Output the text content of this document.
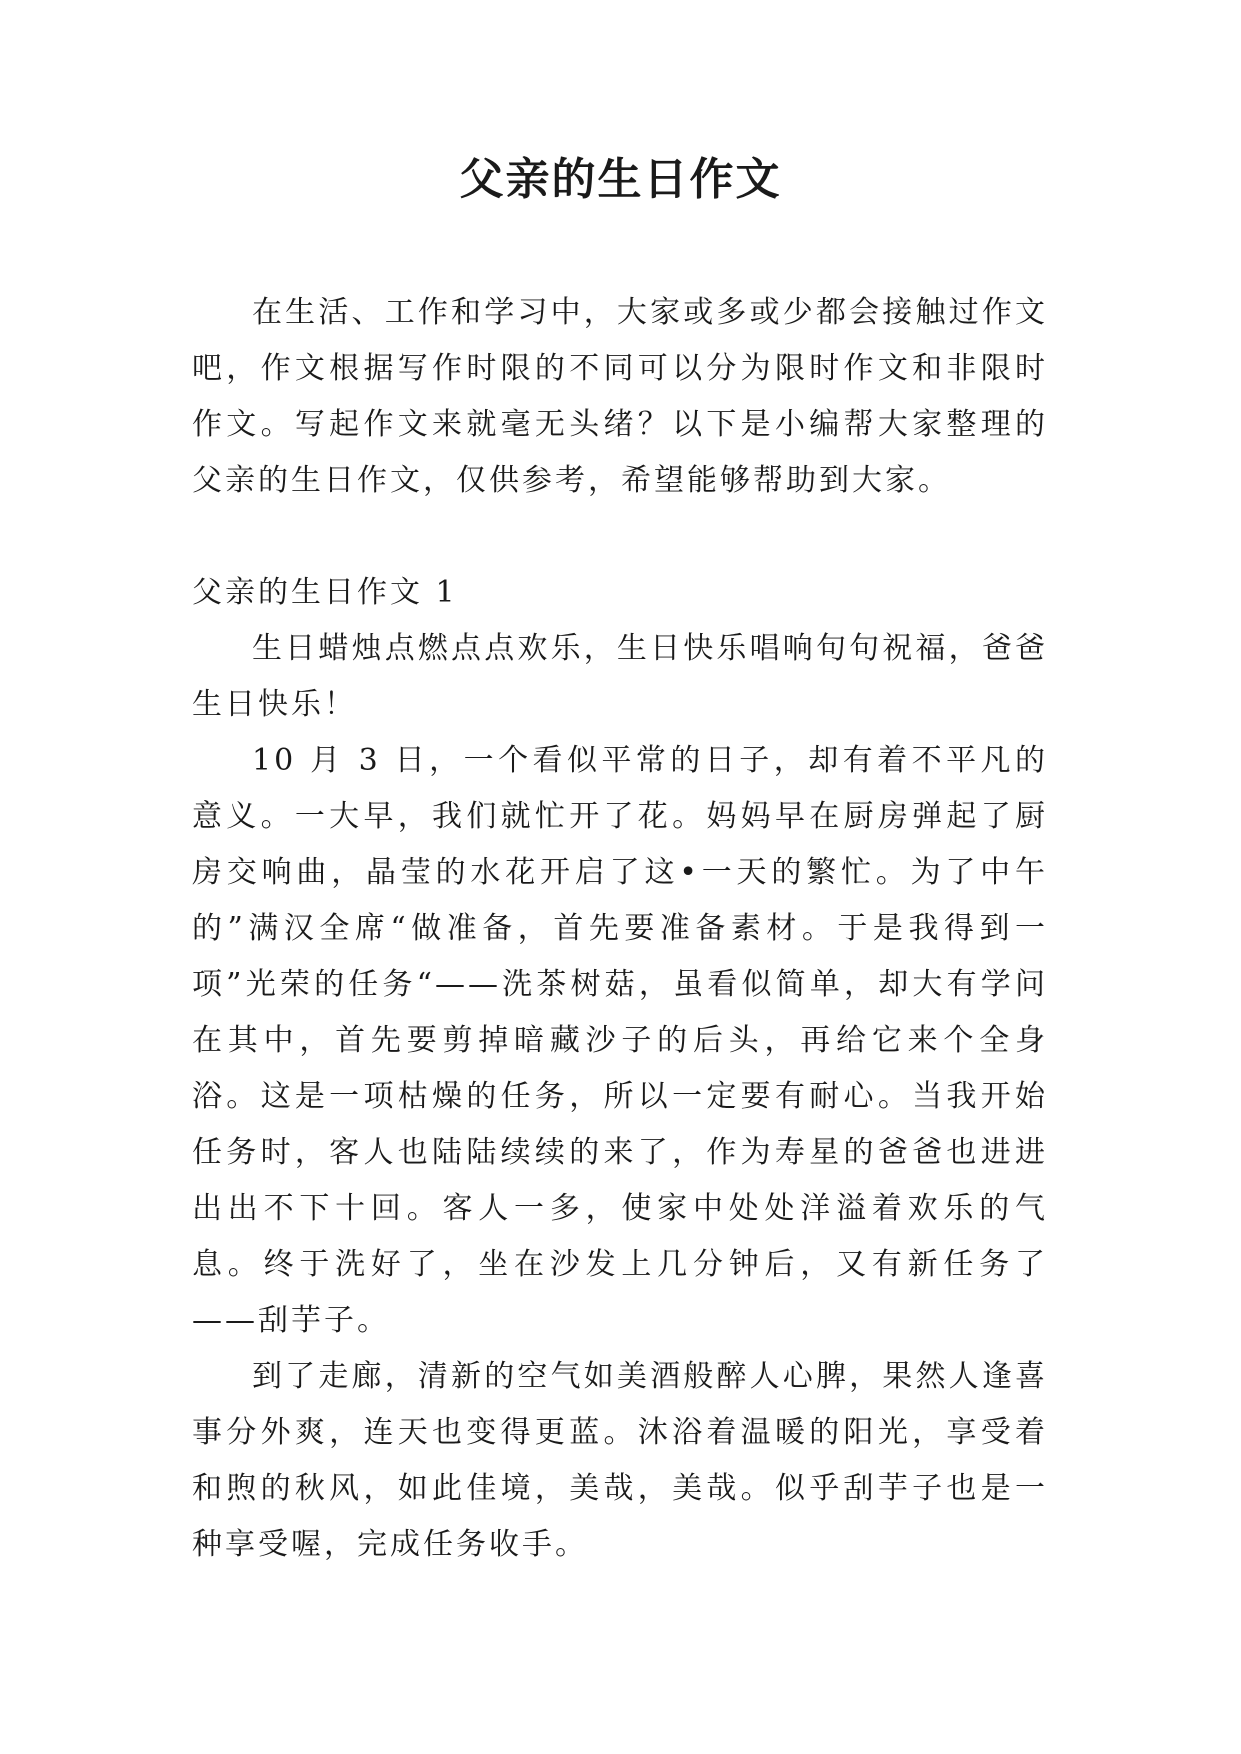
父亲的生日作文

在生活、工作和学习中，大家或多或少都会接触过作文吧，作文根据写作时限的不同可以分为限时作文和非限时作文。写起作文来就毫无头绪？以下是小编帮大家整理的父亲的生日作文，仅供参考，希望能够帮助到大家。

父亲的生日作文 1

生日蜡烛点燃点点欢乐，生日快乐唱响句句祝福，爸爸生日快乐！

10 月 3 日，一个看似平常的日子，却有着不平凡的意义。一大早，我们就忙开了花。妈妈早在厨房弹起了厨房交响曲，晶莹的水花开启了这•一天的繁忙。为了中午的”满汉全席“做准备，首先要准备素材。于是我得到一项”光荣的任务“——洗茶树菇，虽看似简单，却大有学问在其中，首先要剪掉暗藏沙子的后头，再给它来个全身浴。这是一项枯燥的任务，所以一定要有耐心。当我开始任务时，客人也陆陆续续的来了，作为寿星的爸爸也进进出出不下十回。客人一多，使家中处处洋溢着欢乐的气息。终于洗好了，坐在沙发上几分钟后，又有新任务了——刮芋子。

到了走廊，清新的空气如美酒般醉人心脾，果然人逢喜事分外爽，连天也变得更蓝。沐浴着温暖的阳光，享受着和煦的秋风，如此佳境，美哉，美哉。似乎刮芋子也是一种享受喔，完成任务收手。
